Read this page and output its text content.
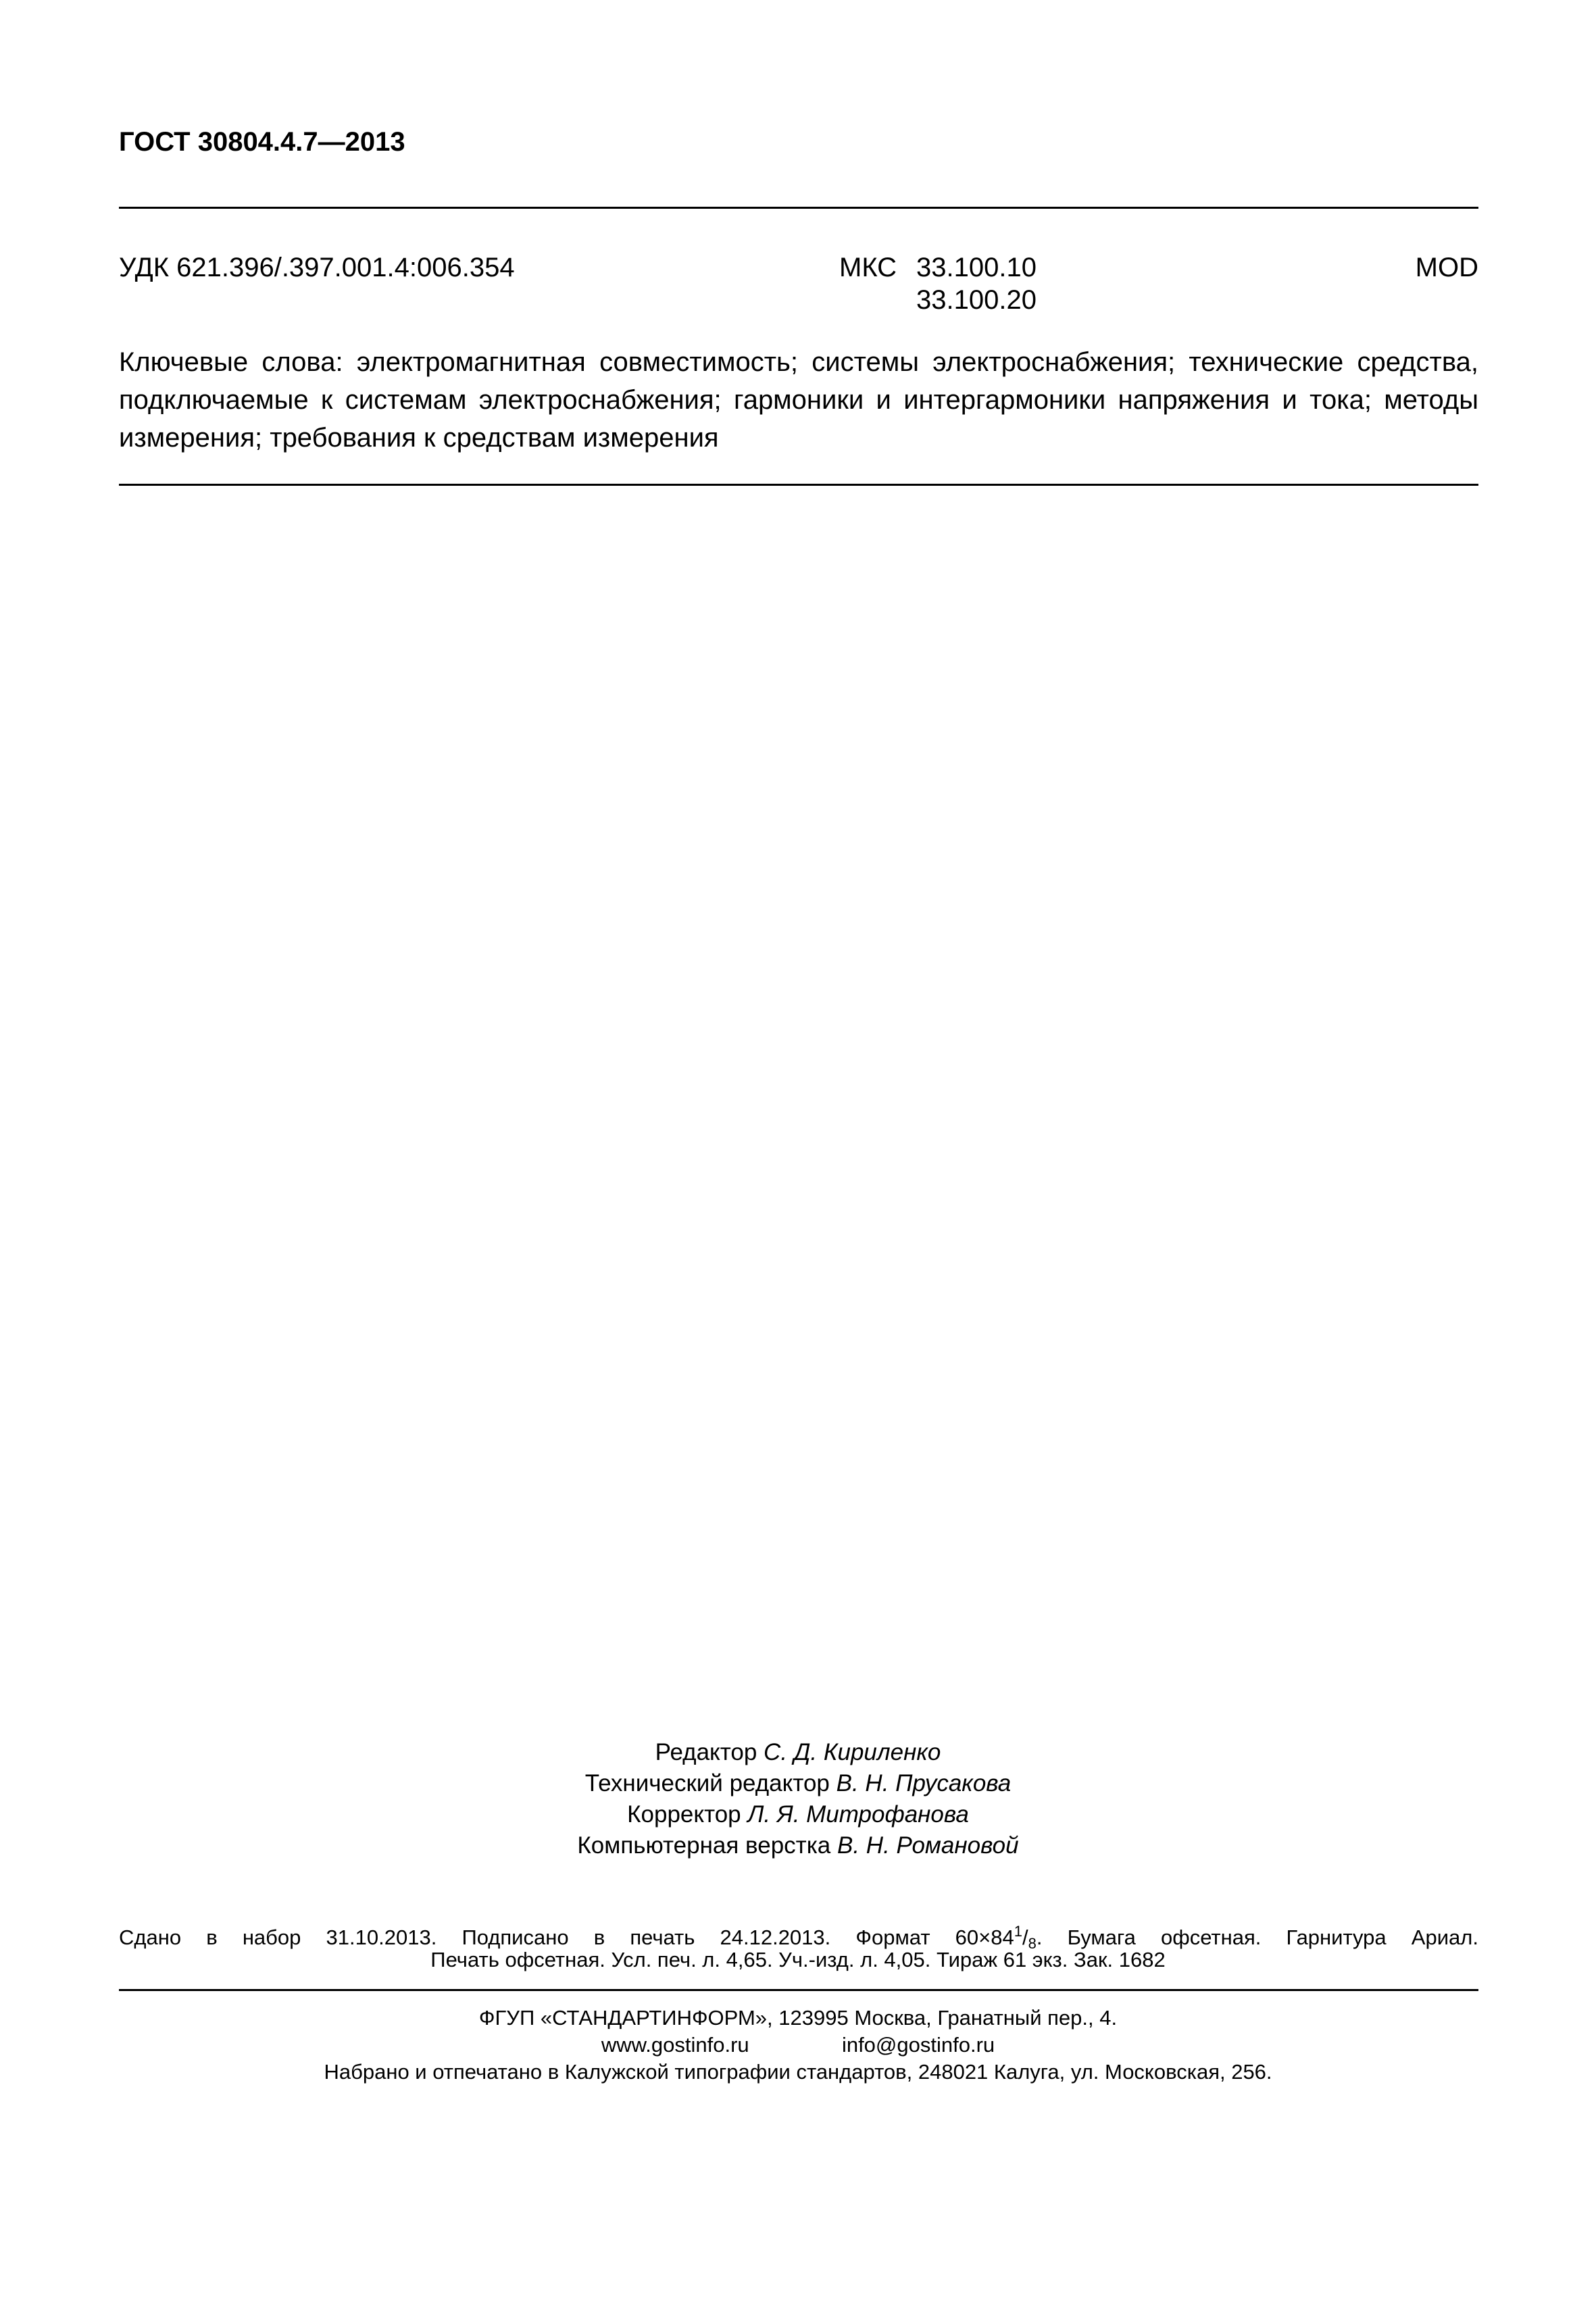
ГОСТ 30804.4.7—2013
УДК 621.396/.397.001.4:006.354	МКС 33.100.10
33.100.20
MOD
Ключевые слова: электромагнитная совместимость; системы электроснабжения; технические средства,
подключаемые к системам электроснабжения; гармоники и интергармоники напряжения и тока; методы
измерения; требования к средствам измерения
Редактор С. Д. Кириленко
Технический редактор В. Н. Прусакова
Корректор Л. Я. Митрофанова
Компьютерная верстка В. Н. Романовой
Сдано в набор 31.10.2013. Подписано в печать 24.12.2013. Формат $60\times 84^1/_8$. Бумага офсетная. Гарнитура Ариал.
Печать офсетная. Усл. печ. л. 4,65. Уч.-изд. л. 4,05. Тираж 61 экз. Зак. 1682
ФГУП «СТАНДАРТИНФОРМ», 123995 Москва, Гранатный пер., 4.
www.gostinfo.ru	info@gostinfo.ru
Набрано и отпечатано в Калужской типографии стандартов, 248021 Калуга, ул. Московская, 256.
